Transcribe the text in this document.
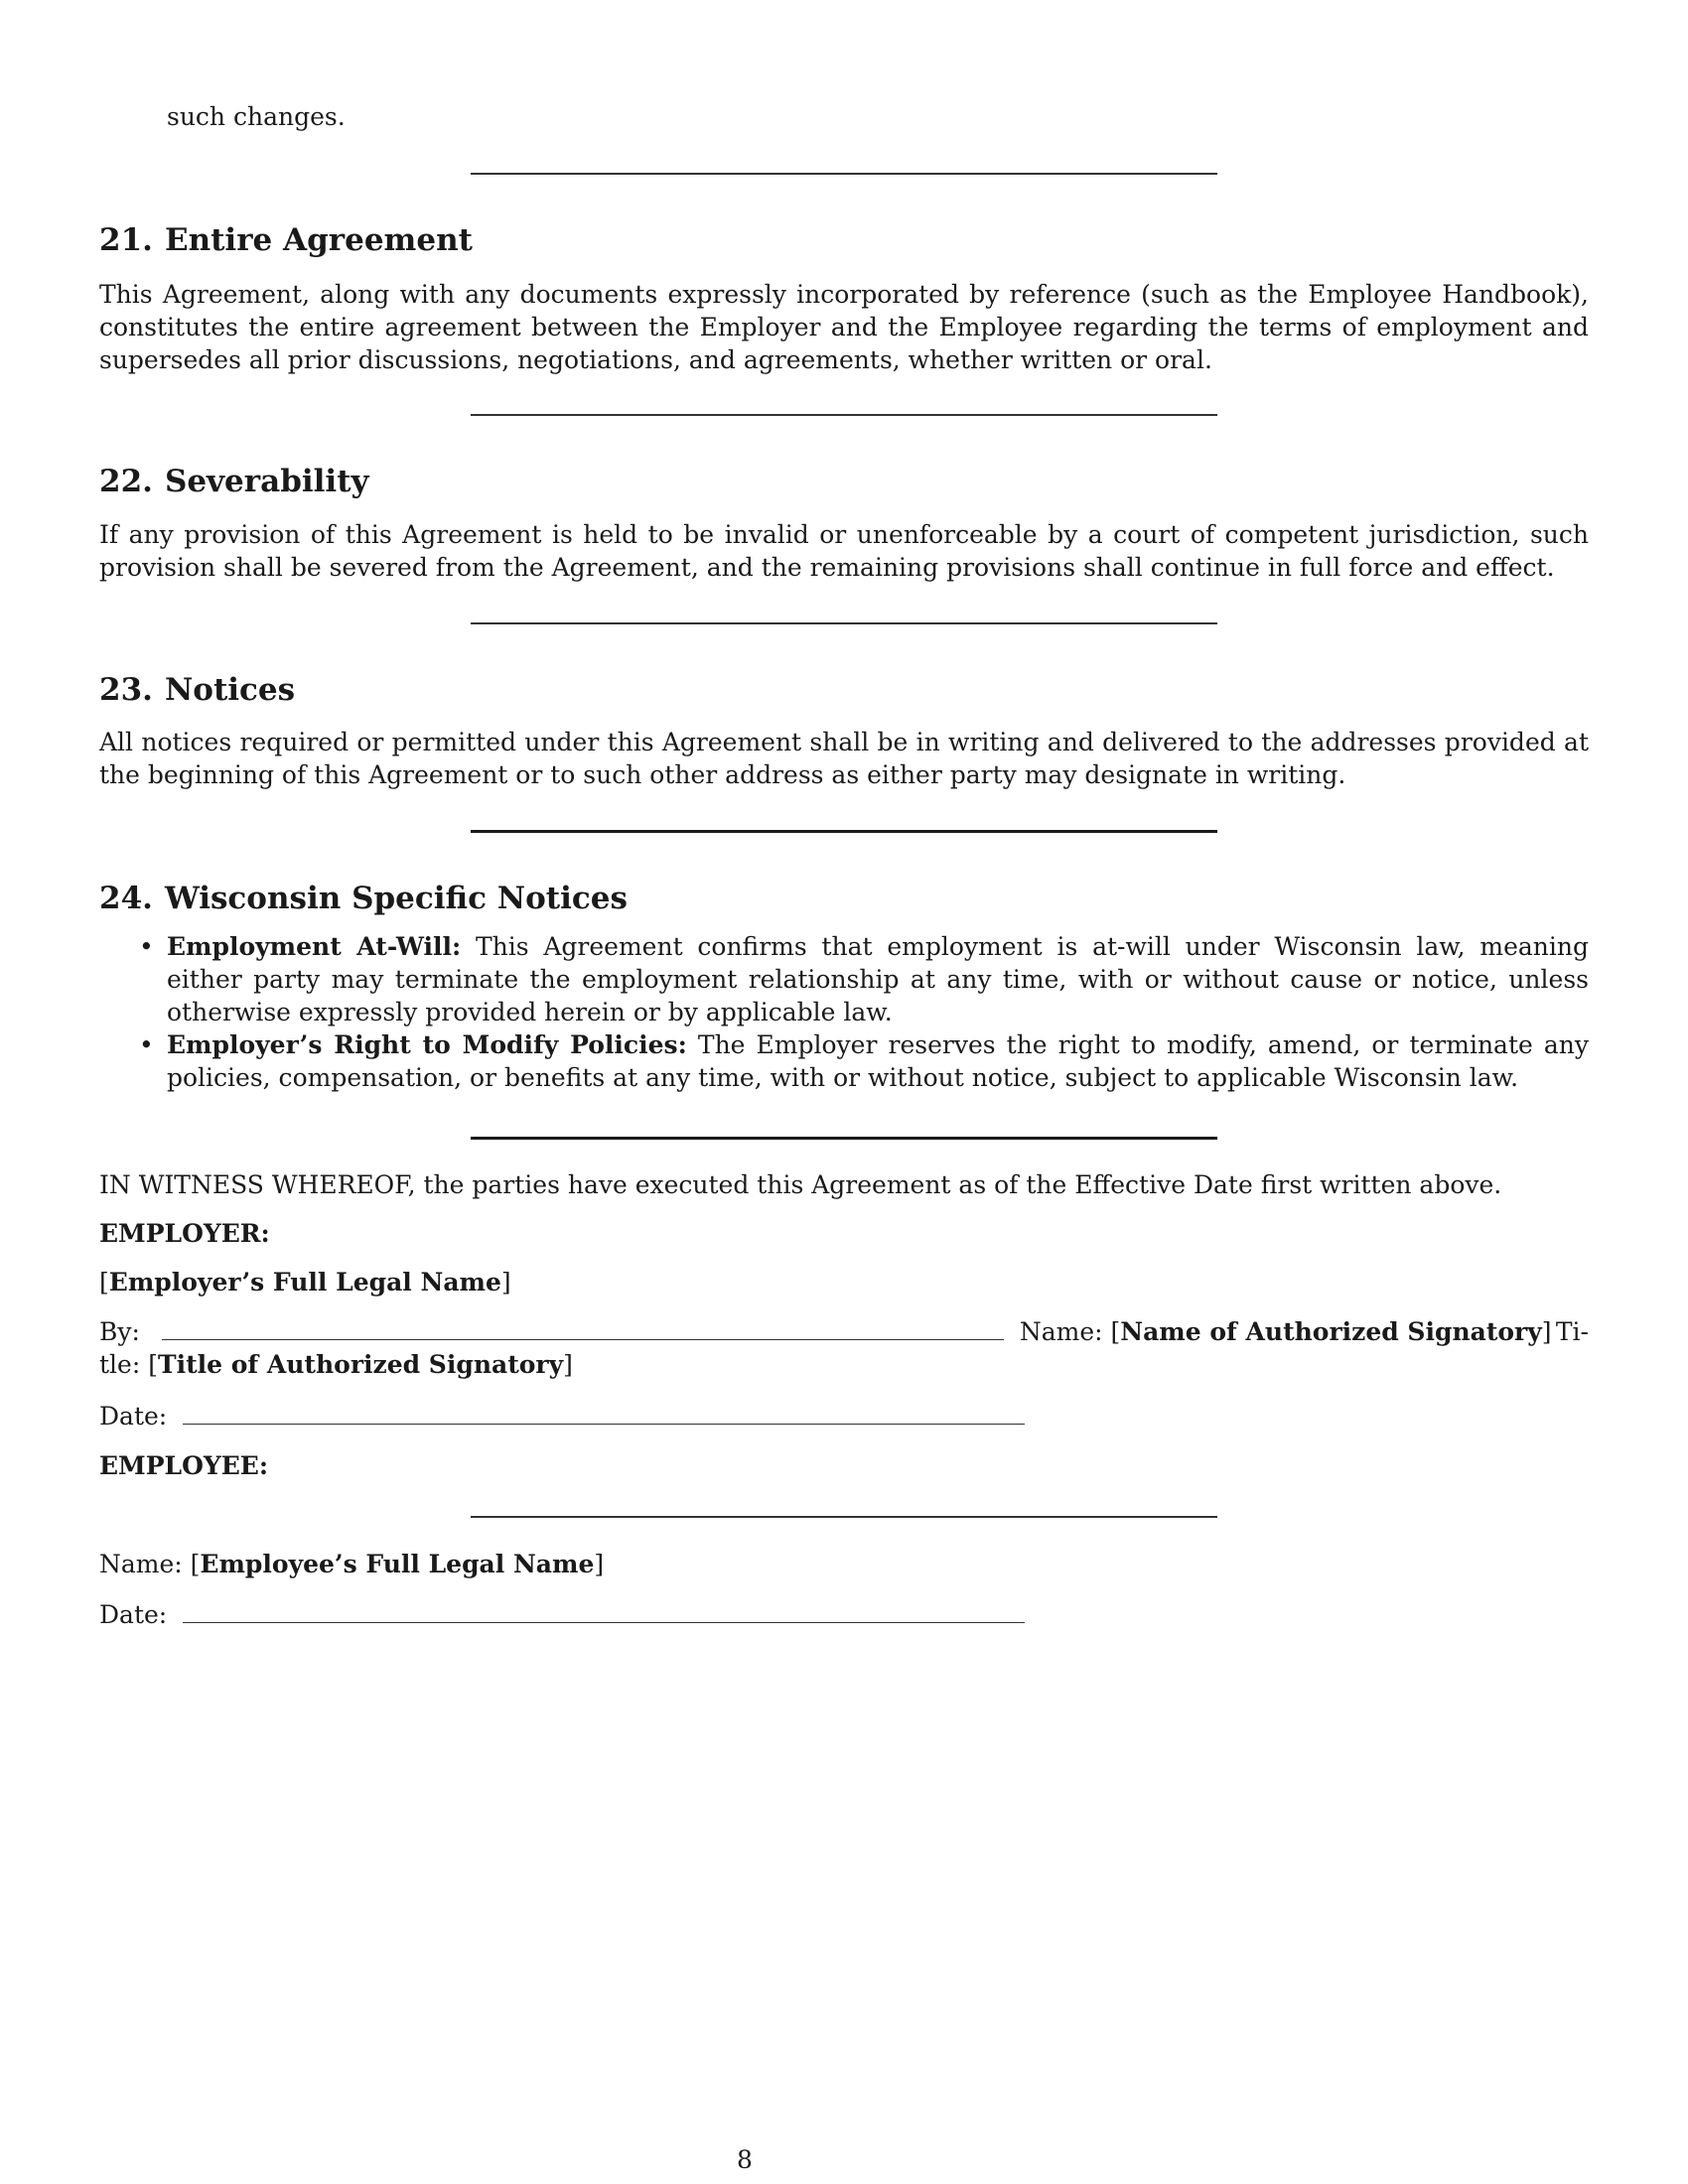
such changes.

21. Entire Agreement

This Agreement, along with any documents expressly incorporated by reference (such as the Employee Handbook), constitutes the entire agreement between the Employer and the Employee regarding the terms of employment and supersedes all prior discussions, negotiations, and agreements, whether written or oral.

22. Severability

If any provision of this Agreement is held to be invalid or unenforceable by a court of competent jurisdiction, such provision shall be severed from the Agreement, and the remaining provisions shall continue in full force and effect.

23. Notices

All notices required or permitted under this Agreement shall be in writing and delivered to the addresses provided at the beginning of this Agreement or to such other address as either party may designate in writing.

24. Wisconsin Specific Notices
• Employment At-Will: This Agreement confirms that employment is at-will under Wisconsin law, meaning either party may terminate the employment relationship at any time, with or without cause or notice, unless otherwise expressly provided herein or by applicable law.
• Employer’s Right to Modify Policies: The Employer reserves the right to modify, amend, or terminate any policies, compensation, or benefits at any time, with or without notice, subject to applicable Wisconsin law.

IN WITNESS WHEREOF, the parties have executed this Agreement as of the Effective Date first written above.

EMPLOYER:
[Employer’s Full Legal Name]
By:	Name: [Name of Authorized Signatory] Ti-
tle: [Title of Authorized Signatory]
Date:
EMPLOYEE:
Name: [Employee’s Full Legal Name]
Date:
8
